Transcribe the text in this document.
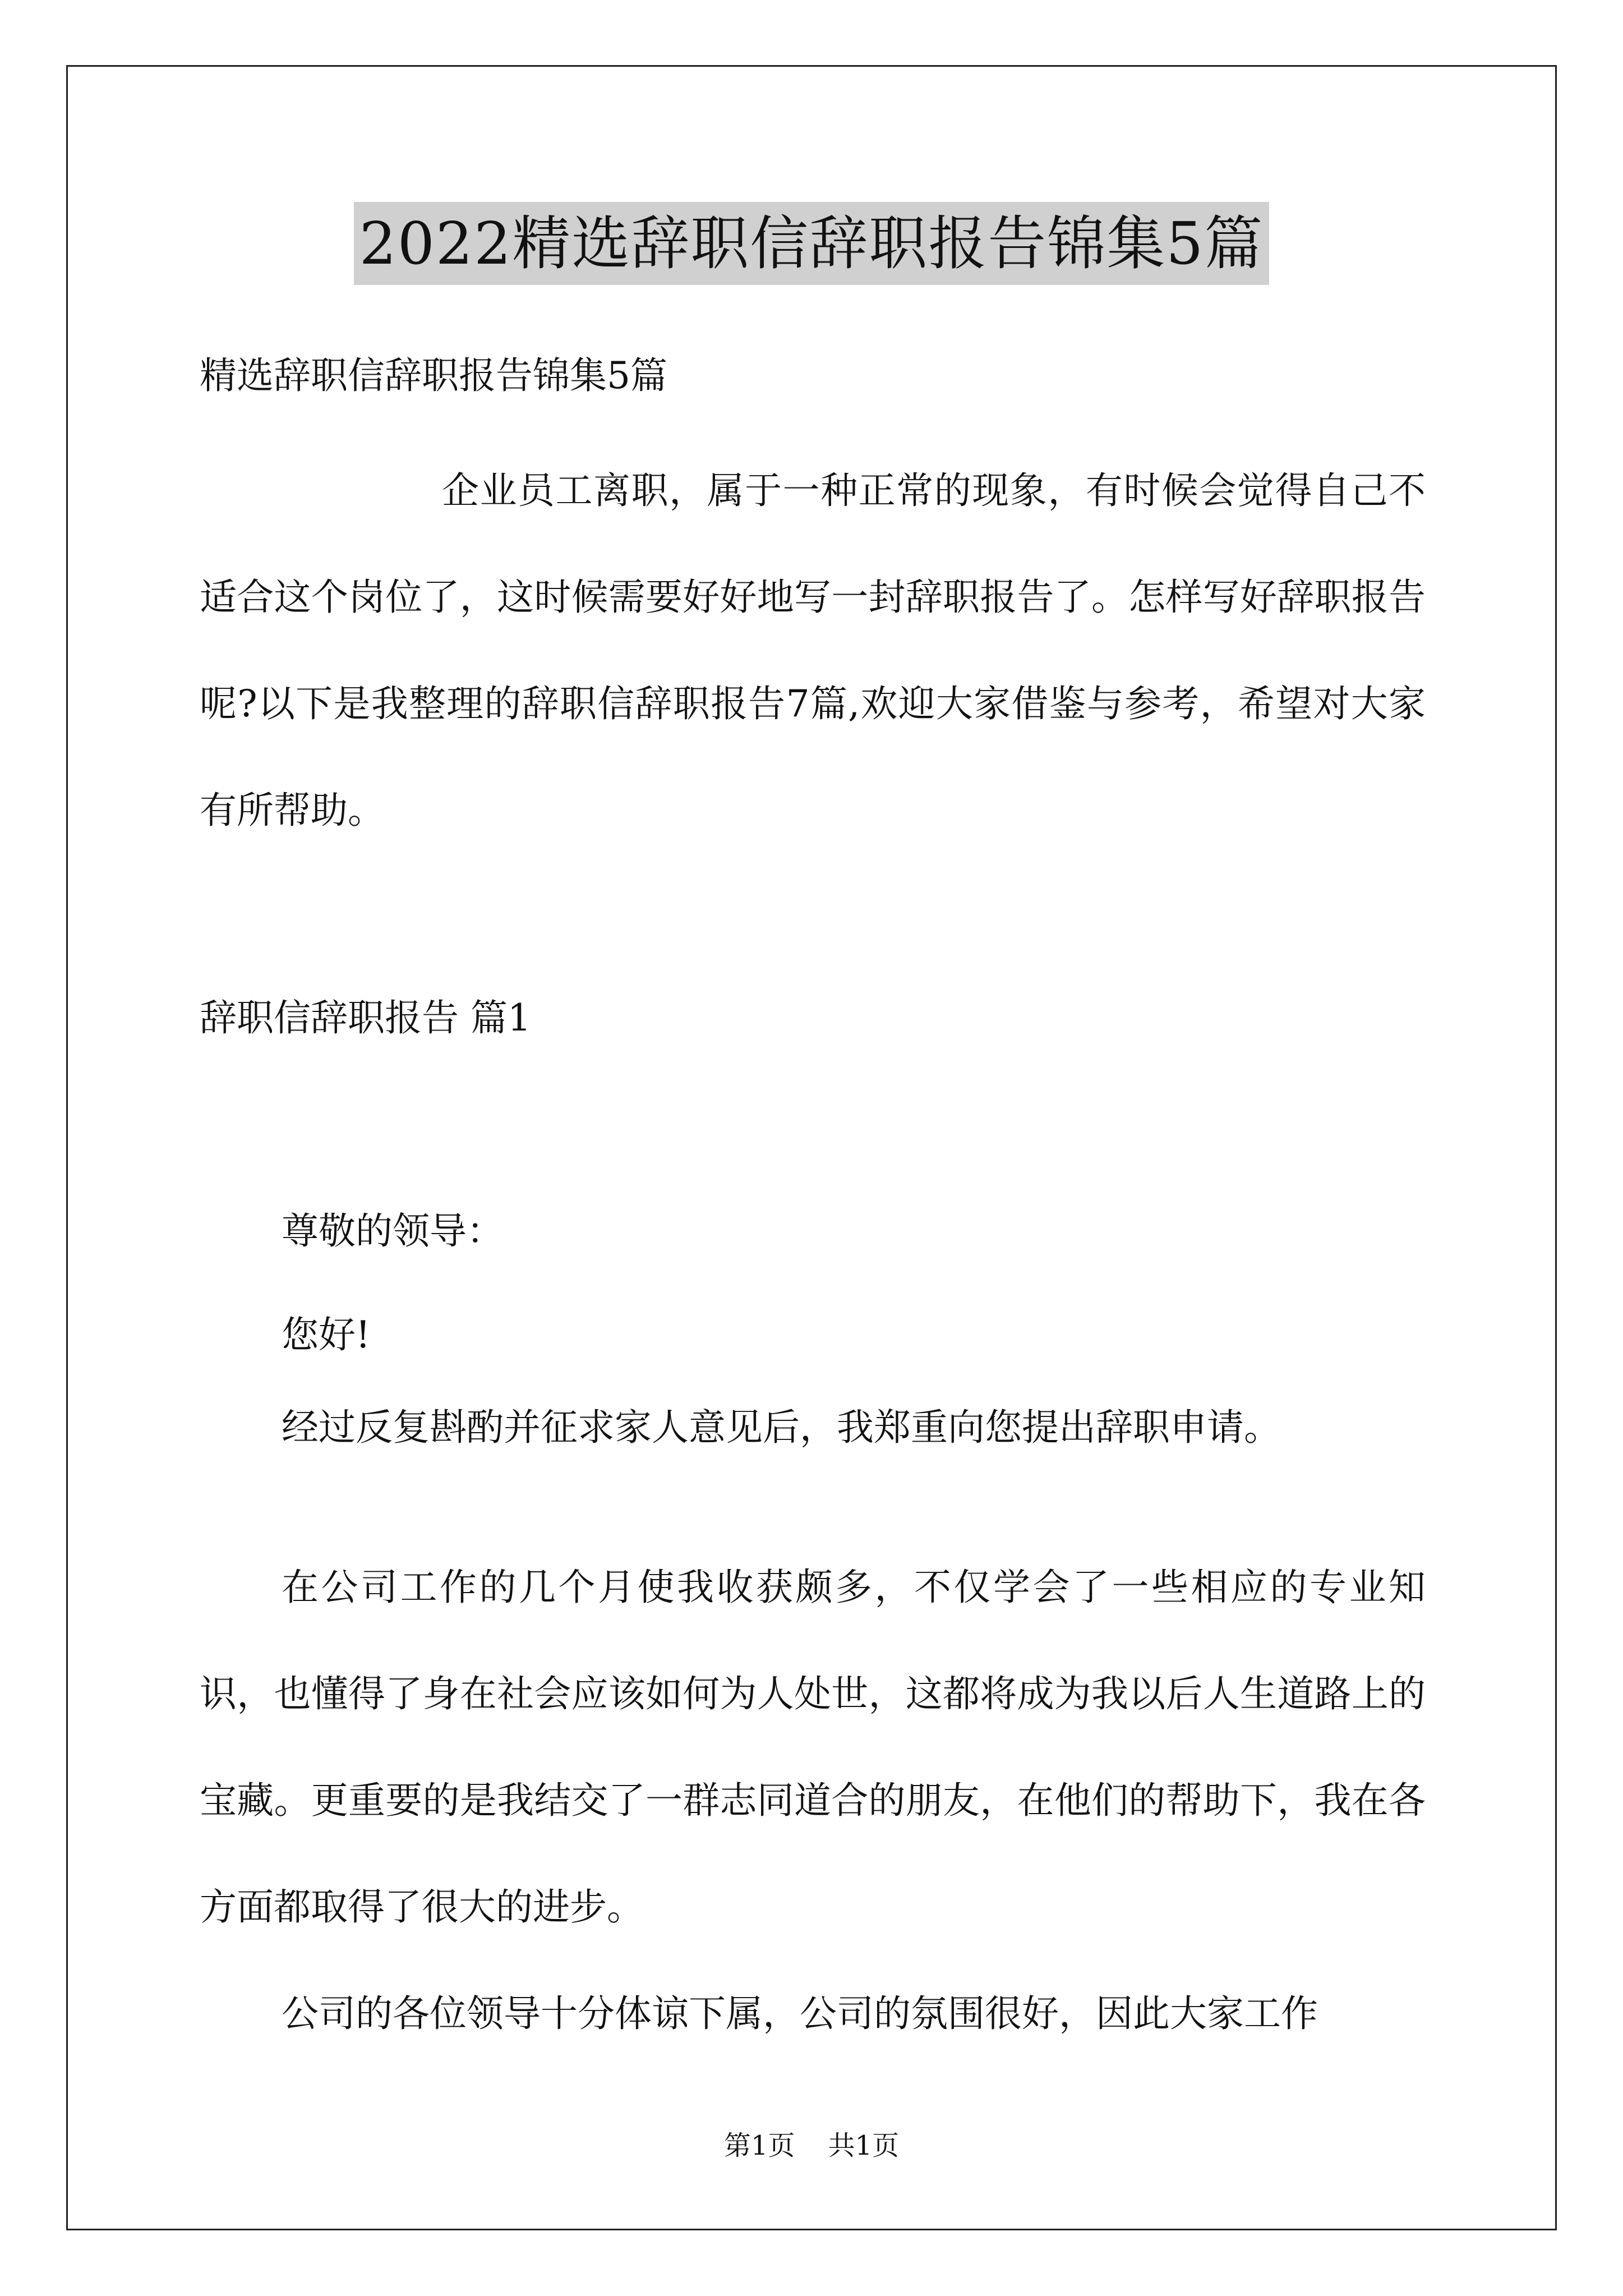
2022精选辞职信辞职报告锦集5篇
精选辞职信辞职报告锦集5篇
企业员工离职，属于一种正常的现象，有时候会觉得自己不适合这个岗位了，这时候需要好好地写一封辞职报告了。怎样写好辞职报告呢?以下是我整理的辞职信辞职报告7篇,欢迎大家借鉴与参考，希望对大家有所帮助。
辞职信辞职报告 篇1
尊敬的领导：
您好!
经过反复斟酌并征求家人意见后，我郑重向您提出辞职申请。
在公司工作的几个月使我收获颇多，不仅学会了一些相应的专业知识，也懂得了身在社会应该如何为人处世，这都将成为我以后人生道路上的宝藏。更重要的是我结交了一群志同道合的朋友，在他们的帮助下，我在各方面都取得了很大的进步。
公司的各位领导十分体谅下属，公司的氛围很好，因此大家工作
第1页 共1页
